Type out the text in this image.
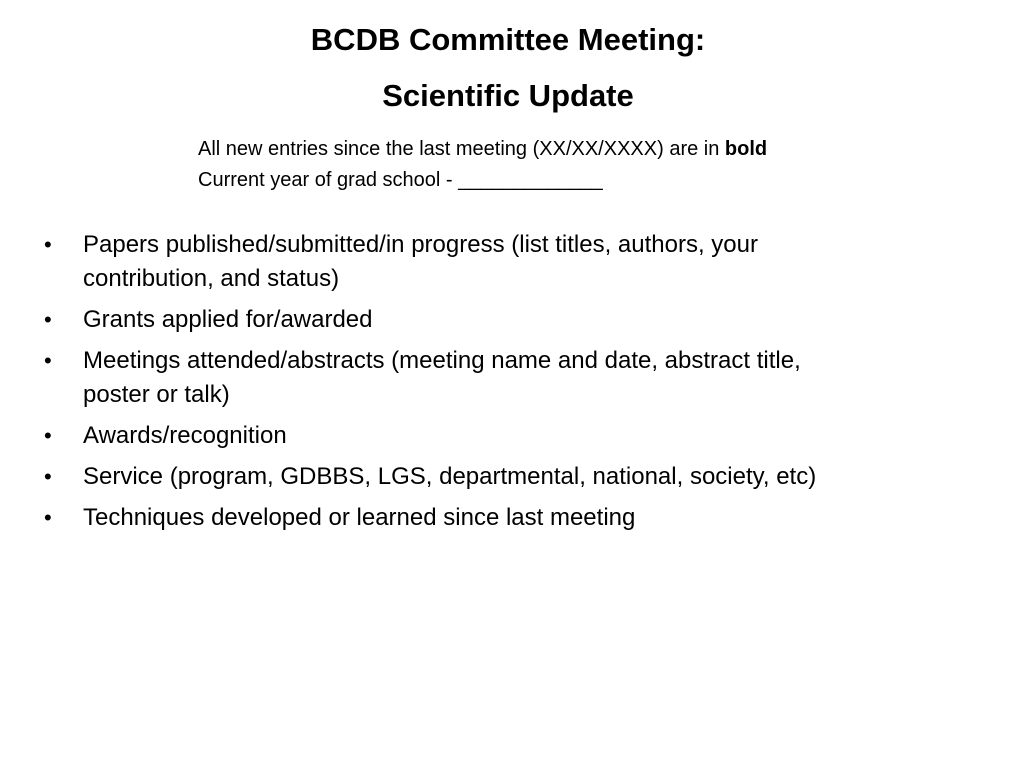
BCDB Committee Meeting:
Scientific Update
All new entries since the last meeting (XX/XX/XXXX) are in bold
Current year of grad school - _____________
• Papers published/submitted/in progress (list titles, authors, your
contribution, and status)
• Grants applied for/awarded
• Meetings attended/abstracts (meeting name and date, abstract title,
poster or talk)
• Awards/recognition
• Service (program, GDBBS, LGS, departmental, national, society, etc)
• Techniques developed or learned since last meeting
